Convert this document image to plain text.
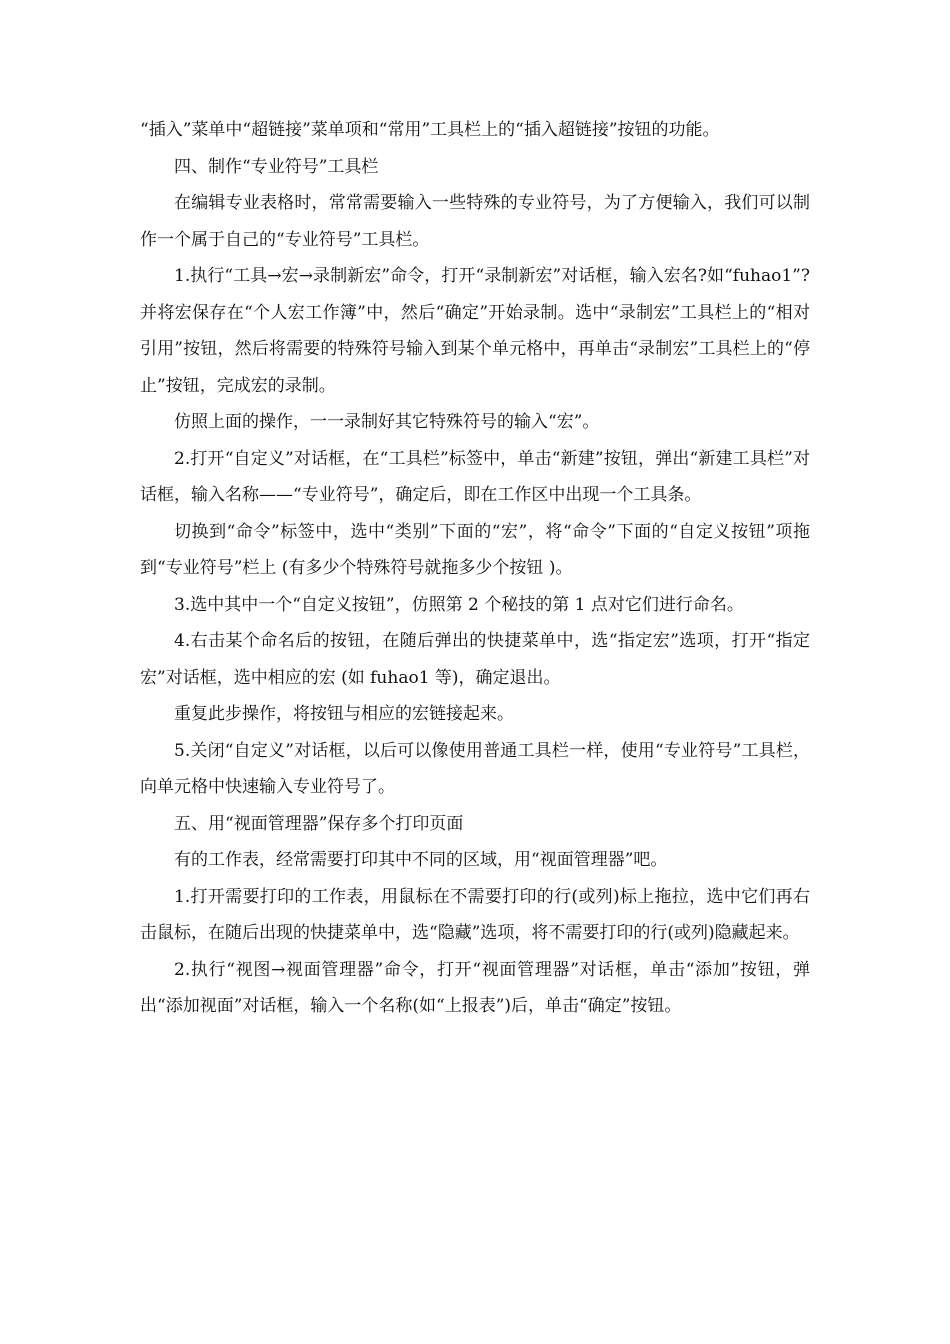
“插入”菜单中“超链接”菜单项和“常用”工具栏上的“插入超链接”按钮的功能。

四、制作“专业符号”工具栏

在编辑专业表格时，常常需要输入一些特殊的专业符号，为了方便输入，我们可以制作一个属于自己的“专业符号”工具栏。

1.执行“工具→宏→录制新宏”命令，打开“录制新宏”对话框，输入宏名?如“fuhao1”?并将宏保存在“个人宏工作簿”中，然后“确定”开始录制。选中“录制宏”工具栏上的“相对引用”按钮，然后将需要的特殊符号输入到某个单元格中，再单击“录制宏”工具栏上的“停止”按钮，完成宏的录制。

仿照上面的操作，一一录制好其它特殊符号的输入“宏”。

2.打开“自定义”对话框，在“工具栏”标签中，单击“新建”按钮，弹出“新建工具栏”对话框，输入名称——“专业符号”，确定后，即在工作区中出现一个工具条。

切换到“命令”标签中，选中“类别”下面的“宏”，将“命令”下面的“自定义按钮”项拖到“专业符号”栏上 (有多少个特殊符号就拖多少个按钮 )。

3.选中其中一个“自定义按钮”，仿照第 2 个秘技的第 1 点对它们进行命名。

4.右击某个命名后的按钮，在随后弹出的快捷菜单中，选“指定宏”选项，打开“指定宏”对话框，选中相应的宏 (如 fuhao1 等)，确定退出。

重复此步操作，将按钮与相应的宏链接起来。

5.关闭“自定义”对话框，以后可以像使用普通工具栏一样，使用“专业符号”工具栏，向单元格中快速输入专业符号了。

五、用“视面管理器”保存多个打印页面

有的工作表，经常需要打印其中不同的区域，用“视面管理器”吧。

1.打开需要打印的工作表，用鼠标在不需要打印的行(或列)标上拖拉，选中它们再右击鼠标，在随后出现的快捷菜单中，选“隐藏”选项，将不需要打印的行(或列)隐藏起来。

2.执行“视图→视面管理器”命令，打开“视面管理器”对话框，单击“添加”按钮，弹出“添加视面”对话框，输入一个名称(如“上报表”)后，单击“确定”按钮。
